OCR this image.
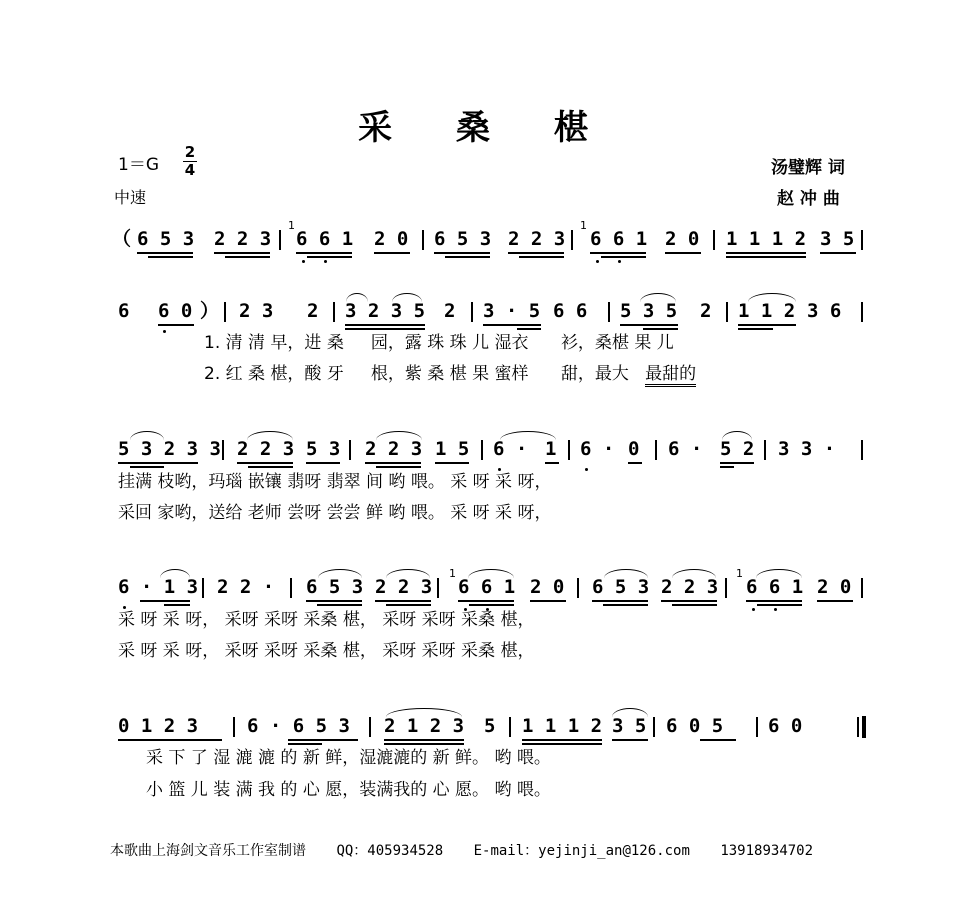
采 桑 椹
1＝G
2
4
中速
汤璧辉 词
赵 冲 曲
（ 6 5 3 2 2 3
1
6 6 1 2 0 6 5 3 2 2 3
1
6 6 1 2 0 1 1 1 2 3 5
6 6 0 ） 2 3 2 3 2 3 5 2 3 · 5 6 6 5 3 5 2 1 1 2 3 6
1. 清 清 早，进 桑 园，露 珠 珠 儿 湿衣 衫，桑椹 果 儿
2. 红 桑 椹，酸 牙 根，紫 桑 椹 果 蜜样 甜，最大 最甜的
5 3 2 3 3 2 2 3 5 3 2 2 3 1 5 6 · 1 6 · 0 6 · 5 2 3 3 ·
挂满 枝哟，玛瑙 嵌镶 翡呀 翡翠 间 哟 喂。 采 呀 采 呀，
采回 家哟，送给 老师 尝呀 尝尝 鲜 哟 喂。 采 呀 采 呀，
6 · 1 3 2 2 · 6 5 3 2 2 3
1
6 6 1 2 0 6 5 3 2 2 3
1
6 6 1 2 0
采 呀 采 呀， 采呀 采呀 采桑 椹， 采呀 采呀 采桑 椹，
采 呀 采 呀， 采呀 采呀 采桑 椹， 采呀 采呀 采桑 椹，
0 1 2 3	6 · 6 5 3 2 1 2 3 5 1 1 1 2 3 5 6 0 5 6 0
采 下 了 湿 漉 漉 的 新 鲜，湿漉漉的 新 鲜。 哟 喂。
小 篮 儿 装 满 我 的 心 愿，装满我的 心 愿。 哟 喂。
本歌曲上海剑文音乐工作室制谱 QQ：405934528 E-mail：yejinji_an@126.com 13918934702
